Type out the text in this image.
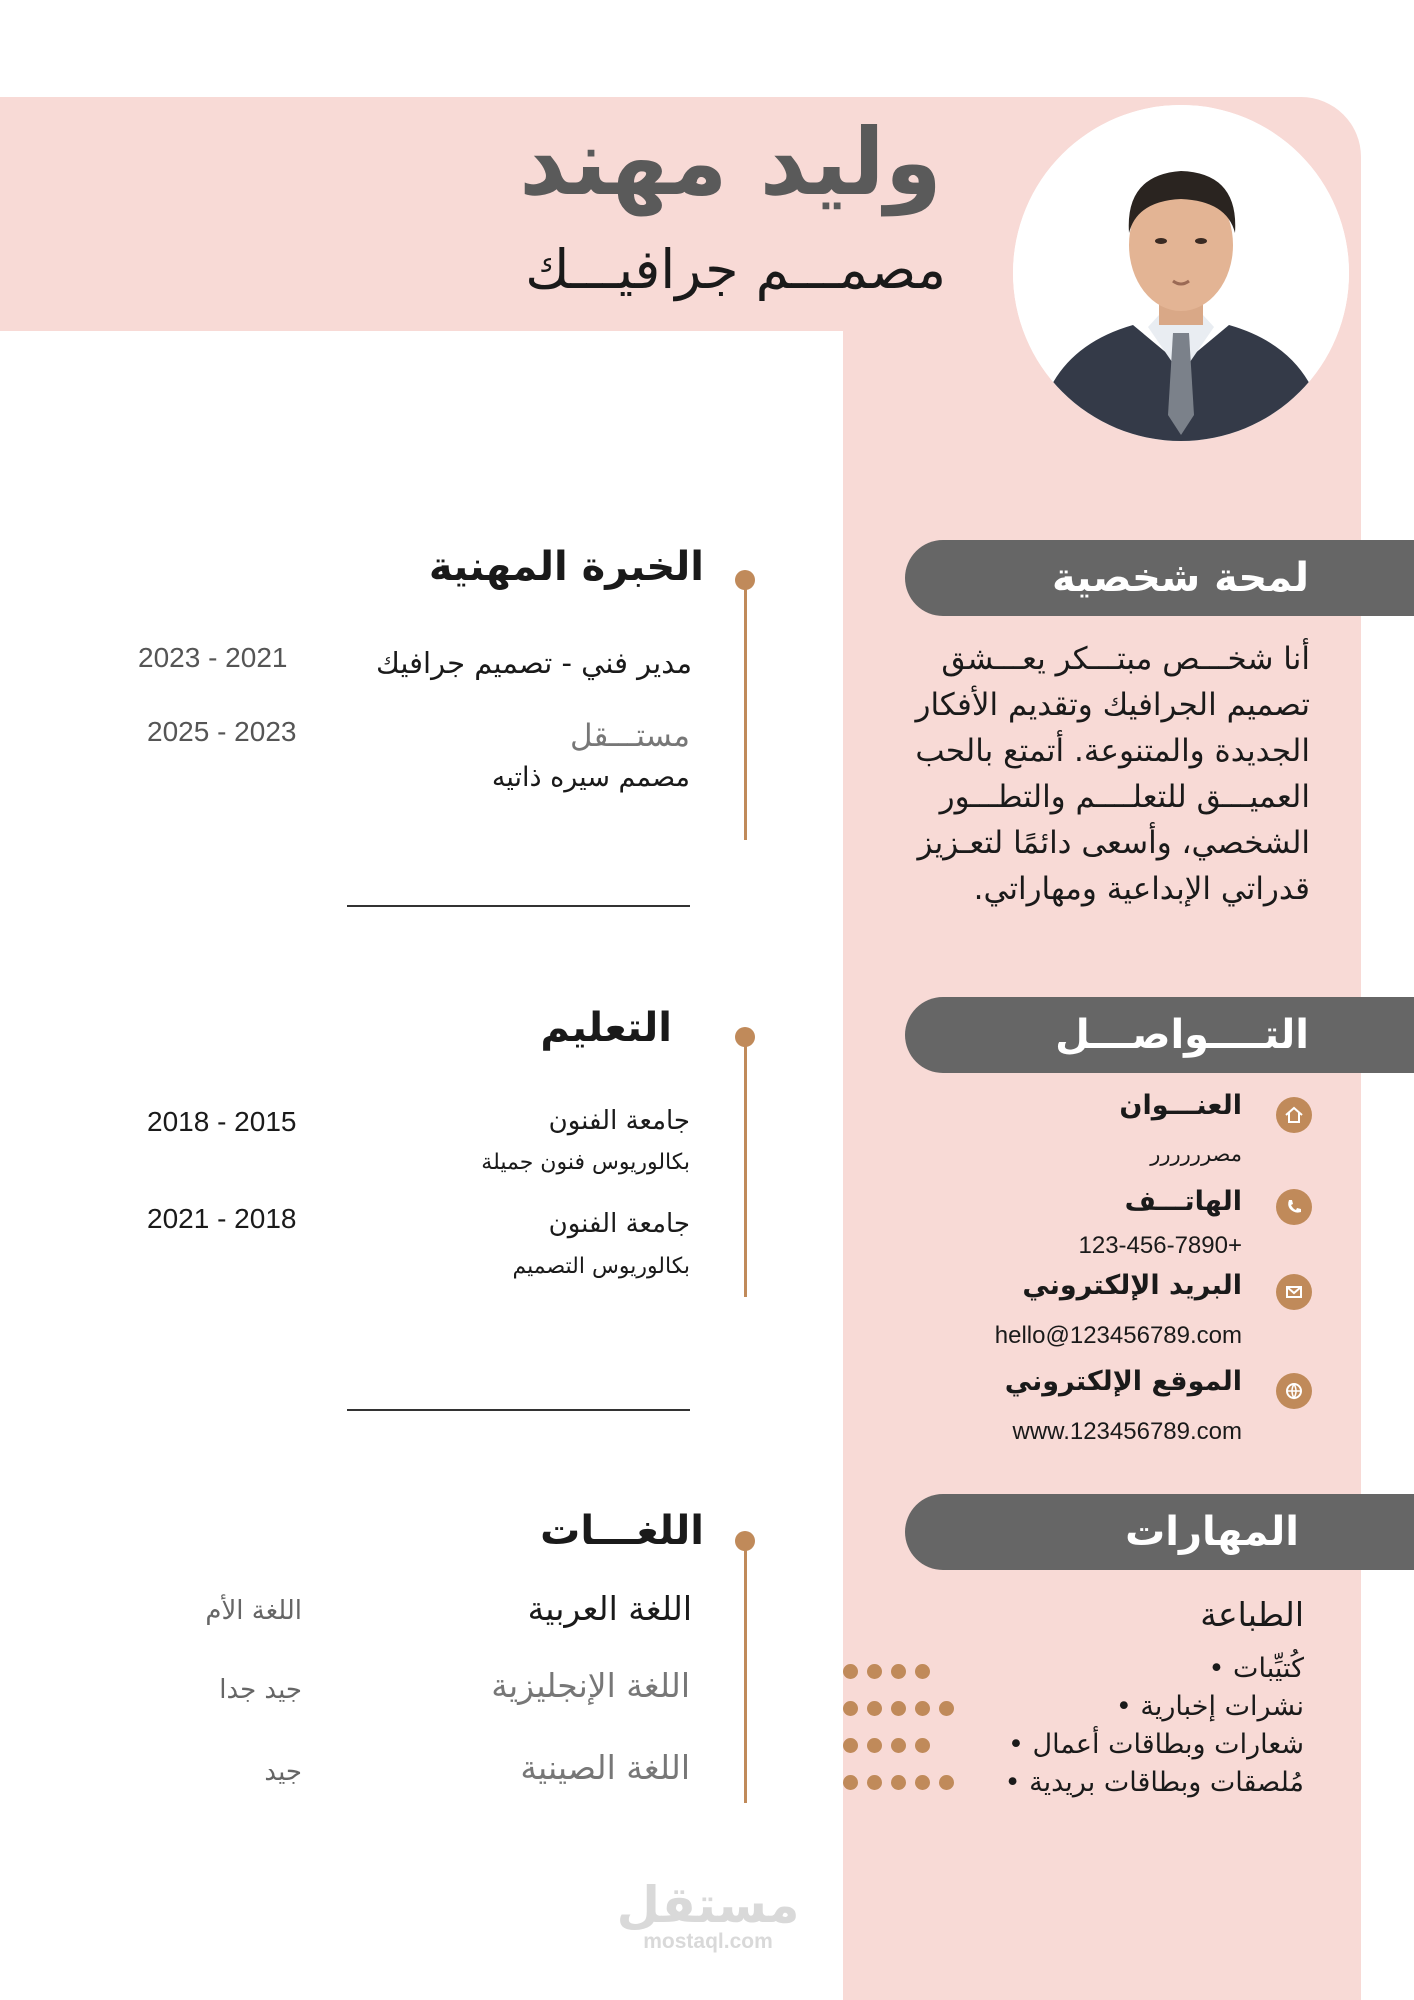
وليد مهند
مصمـــم جرافيـــك
لمحة شخصية
أنا شخـــص مبتـــكر يعـــشق تصميم الجرافيك وتقديم الأفكار الجديدة والمتنوعة. أتمتع بالحب العميـــق للتعلــــم والتطـــور الشخصي، وأسعى دائمًا لتعـزيز قدراتي الإبداعية ومهاراتي.
التــــواصـــل
العنـــوان
مصرررررر
الهاتـــف
+123-456-7890
البريد الإلكتروني
hello@123456789.com
الموقع الإلكتروني
www.123456789.com
المهارات
الطباعة
كُتيِّبات •
نشرات إخبارية •
شعارات وبطاقات أعمال •
مُلصقات وبطاقات بريدية •
الخبرة المهنية
مدير فني - تصميم جرافيك
2023 - 2021
مستـــقل
مصمم سيره ذاتيه
2025 - 2023
التعليم
جامعة الفنون
بكالوريوس فنون جميلة
2018 - 2015
جامعة الفنون
بكالوريوس التصميم
2021 - 2018
اللغـــات
اللغة العربية
اللغة الأم
اللغة الإنجليزية
جيد جدا
اللغة الصينية
جيد
مستقل
mostaql.com
